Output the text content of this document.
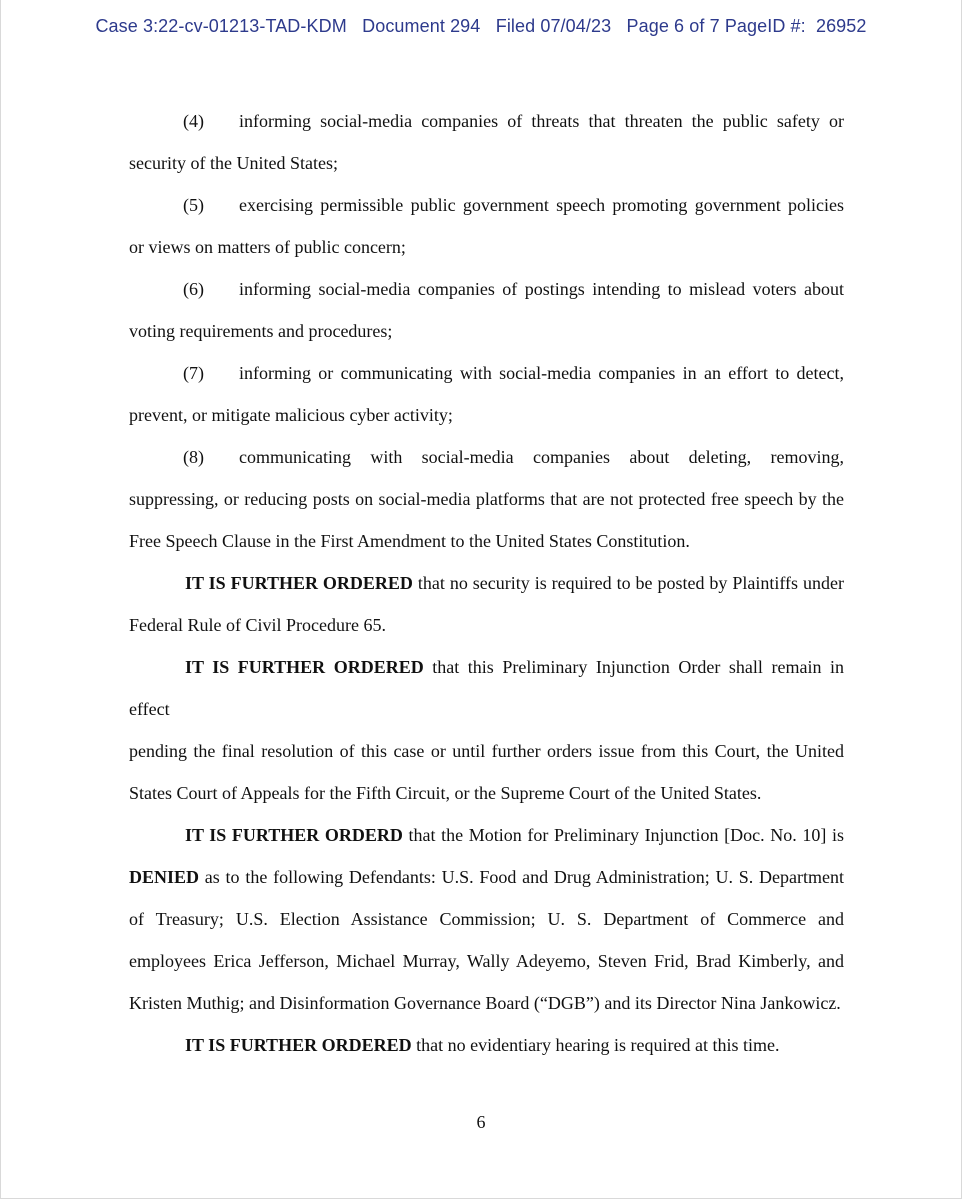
Case 3:22-cv-01213-TAD-KDM Document 294 Filed 07/04/23 Page 6 of 7 PageID #:  26952
(4)	informing social-media companies of threats that threaten the public safety or

security of the United States;

(5)	exercising permissible public government speech promoting government policies

or views on matters of public concern;

(6)	informing social-media companies of postings intending to mislead voters about

voting requirements and procedures;

(7)	informing or communicating with social-media companies in an effort to detect,

prevent, or mitigate malicious cyber activity;

(8)	communicating with social-media companies about deleting, removing,

suppressing, or reducing posts on social-media platforms that are not protected free speech by the

Free Speech Clause in the First Amendment to the United States Constitution.

IT IS FURTHER ORDERED that no security is required to be posted by Plaintiffs under

Federal Rule of Civil Procedure 65.

IT IS FURTHER ORDERED that this Preliminary Injunction Order shall remain in effect

pending the final resolution of this case or until further orders issue from this Court, the United

States Court of Appeals for the Fifth Circuit, or the Supreme Court of the United States.

IT IS FURTHER ORDERD that the Motion for Preliminary Injunction [Doc. No. 10] is

DENIED as to the following Defendants: U.S. Food and Drug Administration; U. S. Department

of Treasury; U.S. Election Assistance Commission; U. S. Department of Commerce and

employees Erica Jefferson, Michael Murray, Wally Adeyemo, Steven Frid, Brad Kimberly, and

Kristen Muthig; and Disinformation Governance Board (“DGB”) and its Director Nina Jankowicz.

IT IS FURTHER ORDERED that no evidentiary hearing is required at this time.

6
